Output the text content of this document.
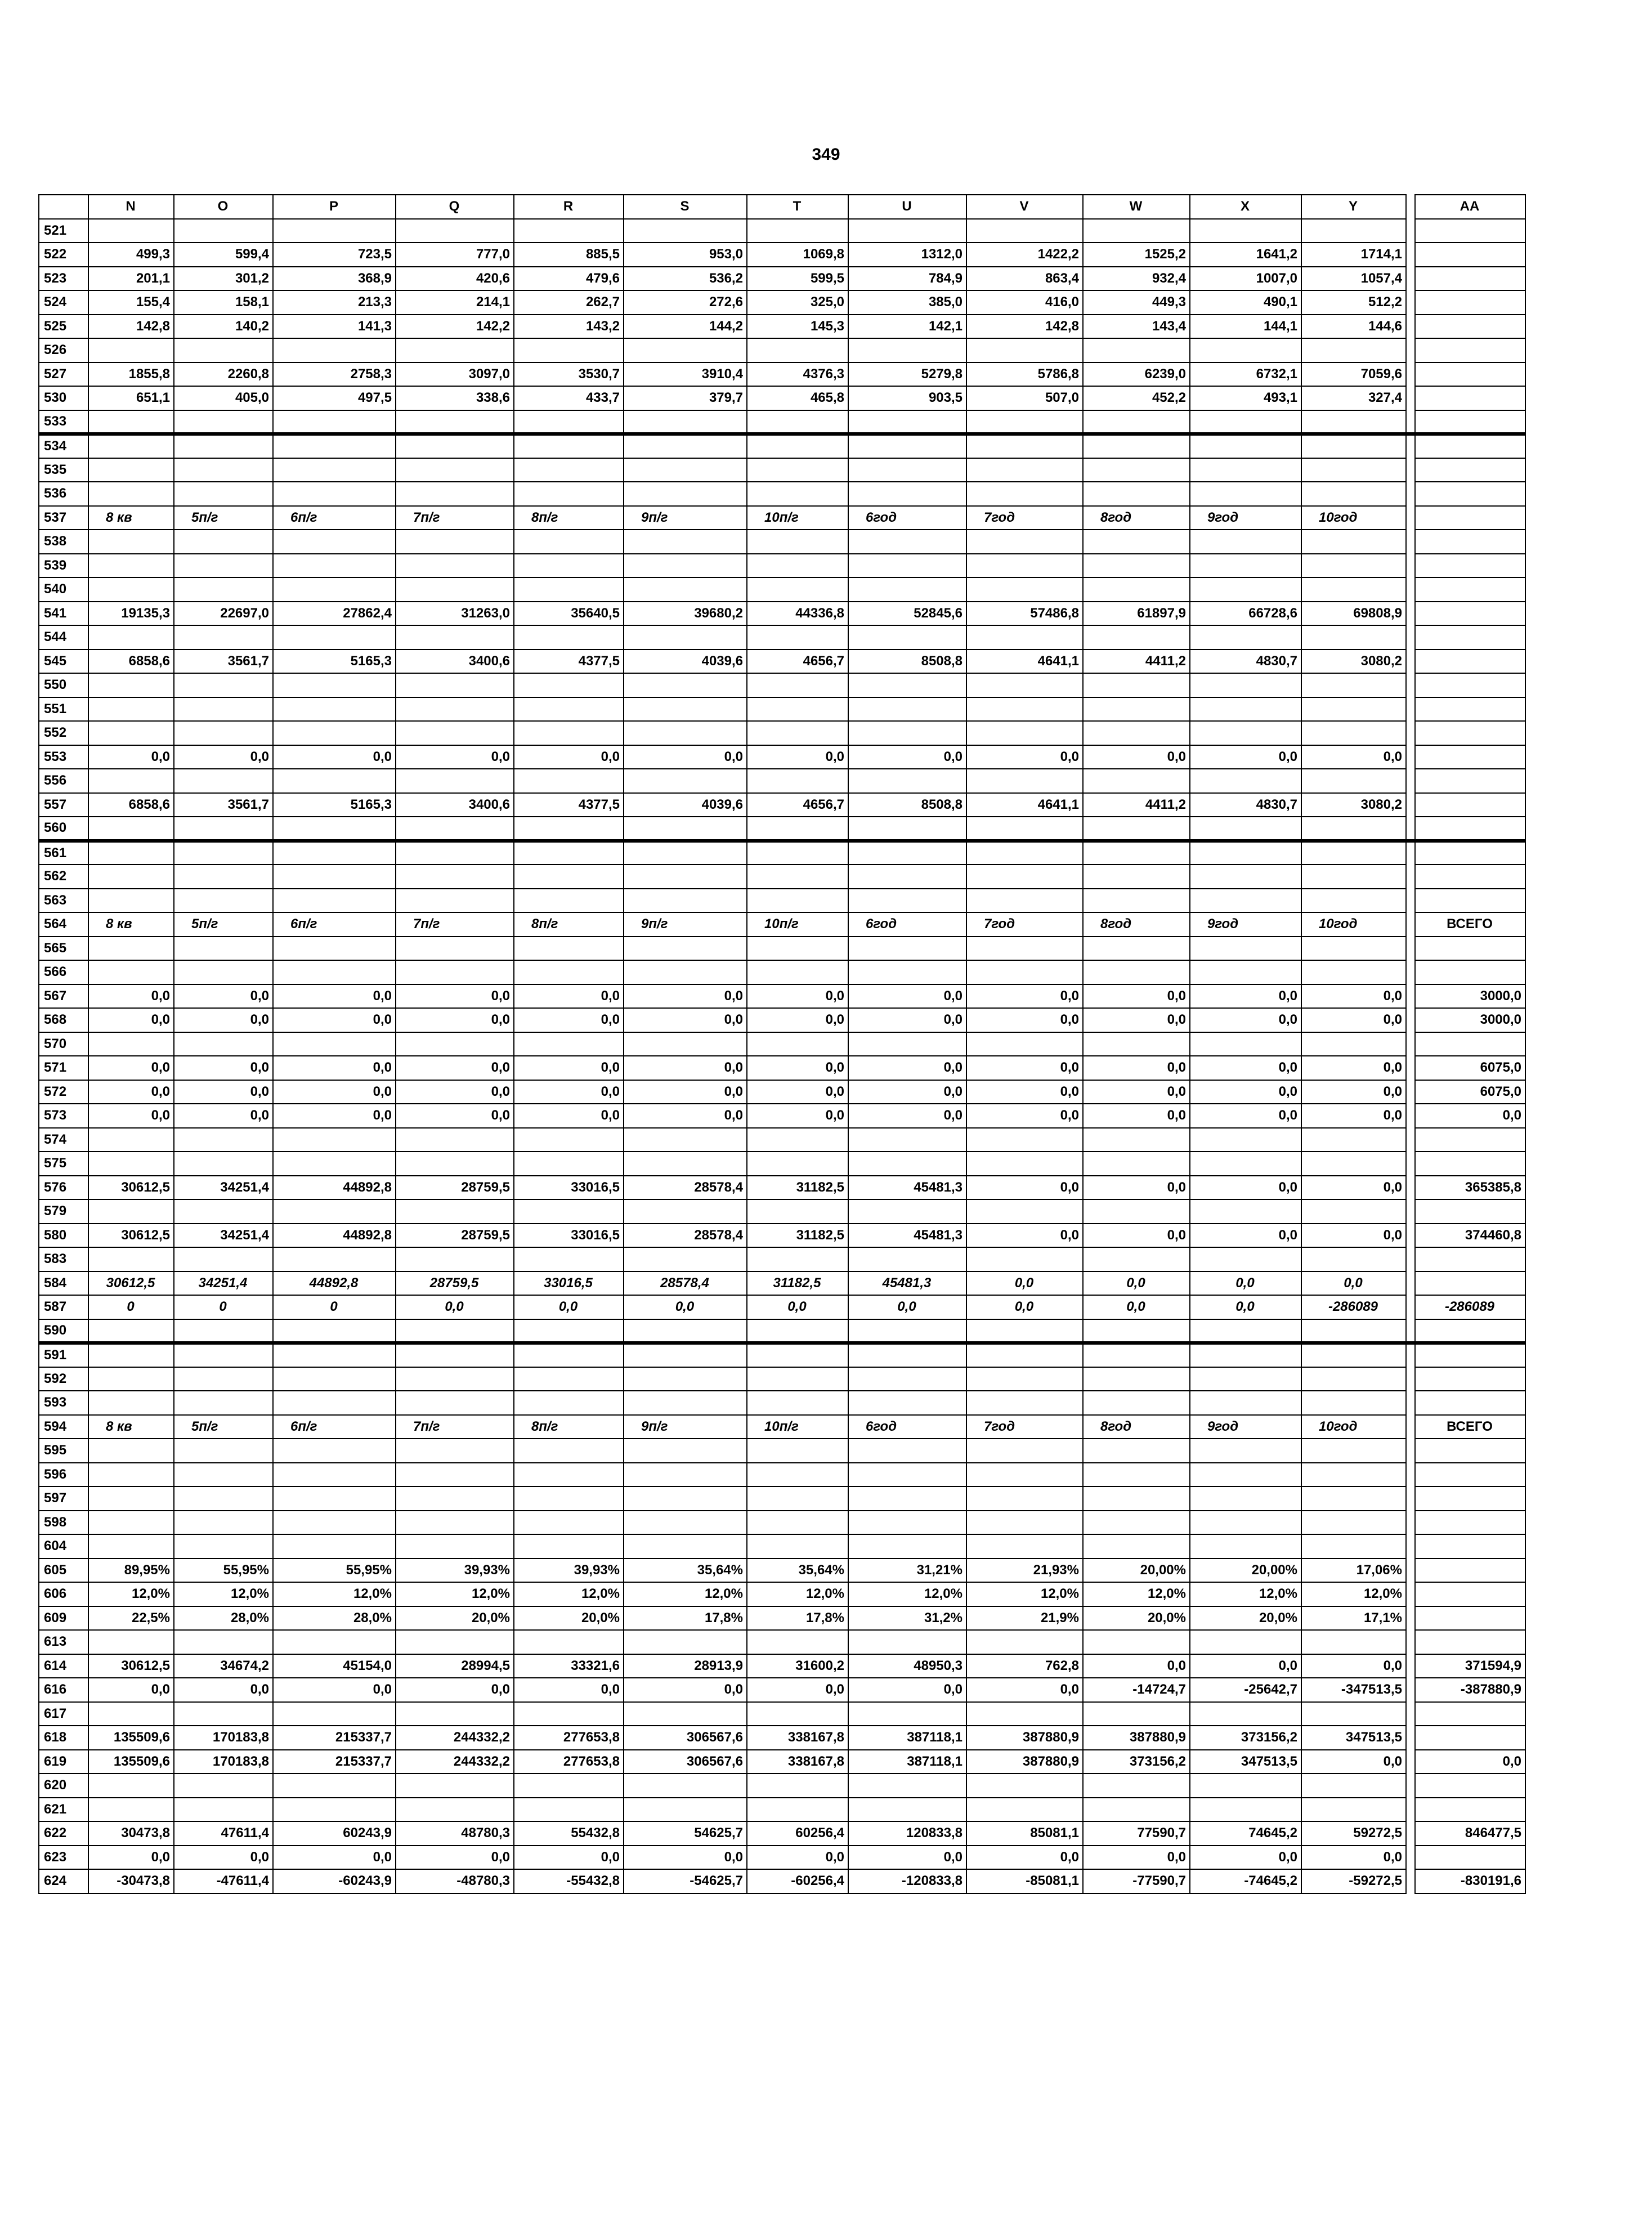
349
	N	O	P	Q	R	S	T	U	V	W	X	Y		AA
521														
522	499,3	599,4	723,5	777,0	885,5	953,0	1069,8	1312,0	1422,2	1525,2	1641,2	1714,1		
523	201,1	301,2	368,9	420,6	479,6	536,2	599,5	784,9	863,4	932,4	1007,0	1057,4		
524	155,4	158,1	213,3	214,1	262,7	272,6	325,0	385,0	416,0	449,3	490,1	512,2		
525	142,8	140,2	141,3	142,2	143,2	144,2	145,3	142,1	142,8	143,4	144,1	144,6		
526														
527	1855,8	2260,8	2758,3	3097,0	3530,7	3910,4	4376,3	5279,8	5786,8	6239,0	6732,1	7059,6		
530	651,1	405,0	497,5	338,6	433,7	379,7	465,8	903,5	507,0	452,2	493,1	327,4		
533														
534														
535														
536														
537	8 кв	5п/г	6п/г	7п/г	8п/г	9п/г	10п/г	6год	7год	8год	9год	10год		
538														
539														
540														
541	19135,3	22697,0	27862,4	31263,0	35640,5	39680,2	44336,8	52845,6	57486,8	61897,9	66728,6	69808,9		
544														
545	6858,6	3561,7	5165,3	3400,6	4377,5	4039,6	4656,7	8508,8	4641,1	4411,2	4830,7	3080,2		
550														
551														
552														
553	0,0	0,0	0,0	0,0	0,0	0,0	0,0	0,0	0,0	0,0	0,0	0,0		
556														
557	6858,6	3561,7	5165,3	3400,6	4377,5	4039,6	4656,7	8508,8	4641,1	4411,2	4830,7	3080,2		
560														
561														
562														
563														
564	8 кв	5п/г	6п/г	7п/г	8п/г	9п/г	10п/г	6год	7год	8год	9год	10год		ВСЕГО
565														
566														
567	0,0	0,0	0,0	0,0	0,0	0,0	0,0	0,0	0,0	0,0	0,0	0,0		3000,0
568	0,0	0,0	0,0	0,0	0,0	0,0	0,0	0,0	0,0	0,0	0,0	0,0		3000,0
570														
571	0,0	0,0	0,0	0,0	0,0	0,0	0,0	0,0	0,0	0,0	0,0	0,0		6075,0
572	0,0	0,0	0,0	0,0	0,0	0,0	0,0	0,0	0,0	0,0	0,0	0,0		6075,0
573	0,0	0,0	0,0	0,0	0,0	0,0	0,0	0,0	0,0	0,0	0,0	0,0		0,0
574														
575														
576	30612,5	34251,4	44892,8	28759,5	33016,5	28578,4	31182,5	45481,3	0,0	0,0	0,0	0,0		365385,8
579														
580	30612,5	34251,4	44892,8	28759,5	33016,5	28578,4	31182,5	45481,3	0,0	0,0	0,0	0,0		374460,8
583														
584	30612,5	34251,4	44892,8	28759,5	33016,5	28578,4	31182,5	45481,3	0,0	0,0	0,0	0,0		
587	0	0	0	0,0	0,0	0,0	0,0	0,0	0,0	0,0	0,0	-286089		-286089
590														
591														
592														
593														
594	8 кв	5п/г	6п/г	7п/г	8п/г	9п/г	10п/г	6год	7год	8год	9год	10год		ВСЕГО
595														
596														
597														
598														
604														
605	89,95%	55,95%	55,95%	39,93%	39,93%	35,64%	35,64%	31,21%	21,93%	20,00%	20,00%	17,06%		
606	12,0%	12,0%	12,0%	12,0%	12,0%	12,0%	12,0%	12,0%	12,0%	12,0%	12,0%	12,0%		
609	22,5%	28,0%	28,0%	20,0%	20,0%	17,8%	17,8%	31,2%	21,9%	20,0%	20,0%	17,1%		
613														
614	30612,5	34674,2	45154,0	28994,5	33321,6	28913,9	31600,2	48950,3	762,8	0,0	0,0	0,0		371594,9
616	0,0	0,0	0,0	0,0	0,0	0,0	0,0	0,0	0,0	-14724,7	-25642,7	-347513,5		-387880,9
617														
618	135509,6	170183,8	215337,7	244332,2	277653,8	306567,6	338167,8	387118,1	387880,9	387880,9	373156,2	347513,5		
619	135509,6	170183,8	215337,7	244332,2	277653,8	306567,6	338167,8	387118,1	387880,9	373156,2	347513,5	0,0		0,0
620														
621														
622	30473,8	47611,4	60243,9	48780,3	55432,8	54625,7	60256,4	120833,8	85081,1	77590,7	74645,2	59272,5		846477,5
623	0,0	0,0	0,0	0,0	0,0	0,0	0,0	0,0	0,0	0,0	0,0	0,0		
624	-30473,8	-47611,4	-60243,9	-48780,3	-55432,8	-54625,7	-60256,4	-120833,8	-85081,1	-77590,7	-74645,2	-59272,5		-830191,6
